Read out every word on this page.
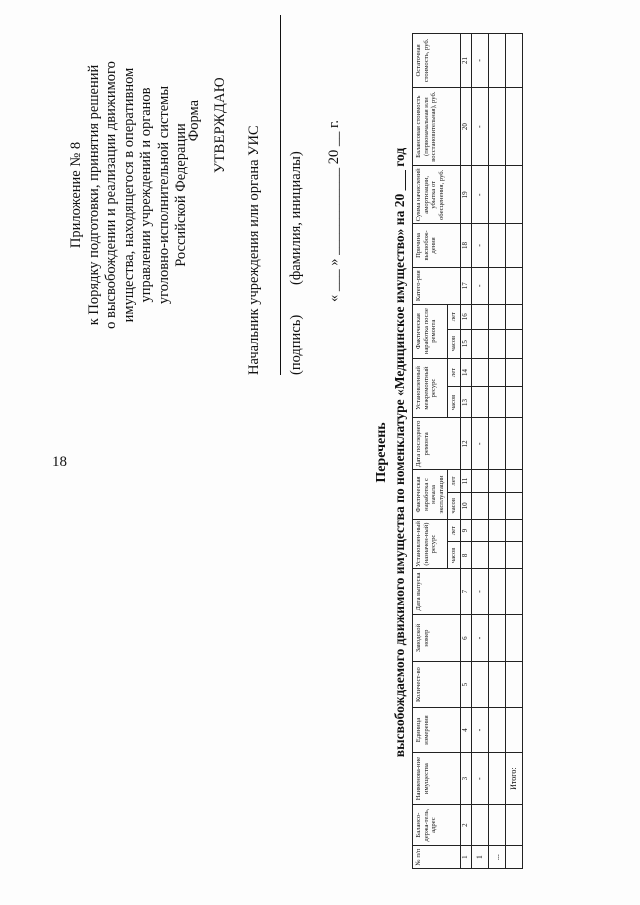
18
Приложение № 8 к Порядку подготовки, принятия решений о высвобождении и реализации движимого имущества, находящегося в оперативном управлении учреждений и органов уголовно-исполнительной системы Российской Федерации
Форма УТВЕРЖДАЮ
Начальник учреждения или органа УИС (подпись)
(фамилия, инициалы) « ___ » ____________ 20 __ г.
Перечень высвобождаемого движимого имущества по номенклатуре «Медицинское имущество» на 20 ___ год
№ п/п	Балансо-держа-тель, адрес	Наименова-ние имущества	Единица измерения	Количест-во	Заводской номер	Дата выпуска	Установлен-ный (назначен-ный) ресурс		Фактическая наработка с начала эксплуатации		Дата последнего ремонта	Установленный межремонтный ресурс		Фактическая наработка после ремонта		Катего-рия	Причина высвобож-дения	Сумма начислений амортизации, убытка от обесценения, руб.	Балансовая стоимость (первоначальная или восстановительная), руб.	Остаточная стоимость, руб.
							часов	лет	часов	лет		часов	лет	часов	лет					
1	2	3	4	5	6	7	8	9	10	11	12	13	14	15	16	17	18	19	20	21
1		-	-		-	-					-					-	-	-	-	-
...																				
		Итого:																		
